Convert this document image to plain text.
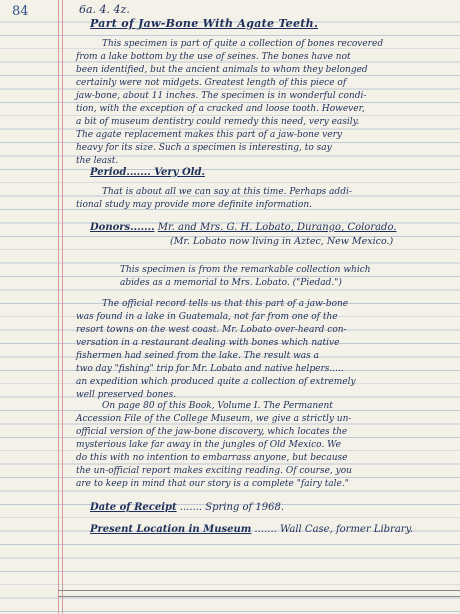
84	6a. 4. 4z.
Part of Jaw-Bone With Agate Teeth.

This specimen is part of quite a collection of bones recovered

from a lake bottom by the use of seines. The bones have not

been identified, but the ancient animals to whom they belonged

certainly were not midgets. Greatest length of this piece of

jaw-bone, about 11 inches. The specimen is in wonderful condi-

tion, with the exception of a cracked and loose tooth. However,

a bit of museum dentistry could remedy this need, very easily.

The agate replacement makes this part of a jaw-bone very

heavy for its size. Such a specimen is interesting, to say

the least.

Period....... Very Old.

That is about all we can say at this time. Perhaps addi-

tional study may provide more definite information.

Donors....... Mr. and Mrs. G. H. Lobato, Durango, Colorado.
(Mr. Lobato now living in Aztec, New Mexico.)

This specimen is from the remarkable collection which

abides as a memorial to Mrs. Lobato. ("Piedad.")

The official record tells us that this part of a jaw-bone

was found in a lake in Guatemala, not far from one of the

resort towns on the west coast. Mr. Lobato over-heard con-

versation in a restaurant dealing with bones which native

fishermen had seined from the lake. The result was a

two day "fishing" trip for Mr. Lobato and native helpers.....

an expedition which produced quite a collection of extremely

well preserved bones.

On page 80 of this Book, Volume I. The Permanent

Accession File of the College Museum, we give a strictly un-

official version of the jaw-bone discovery, which locates the

mysterious lake far away in the jungles of Old Mexico. We

do this with no intention to embarrass anyone, but because

the un-official report makes exciting reading. Of course, you

are to keep in mind that our story is a complete "fairy tale."

Date of Receipt ....... Spring of 1968.
Present Location in Museum ....... Wall Case, former Library.
